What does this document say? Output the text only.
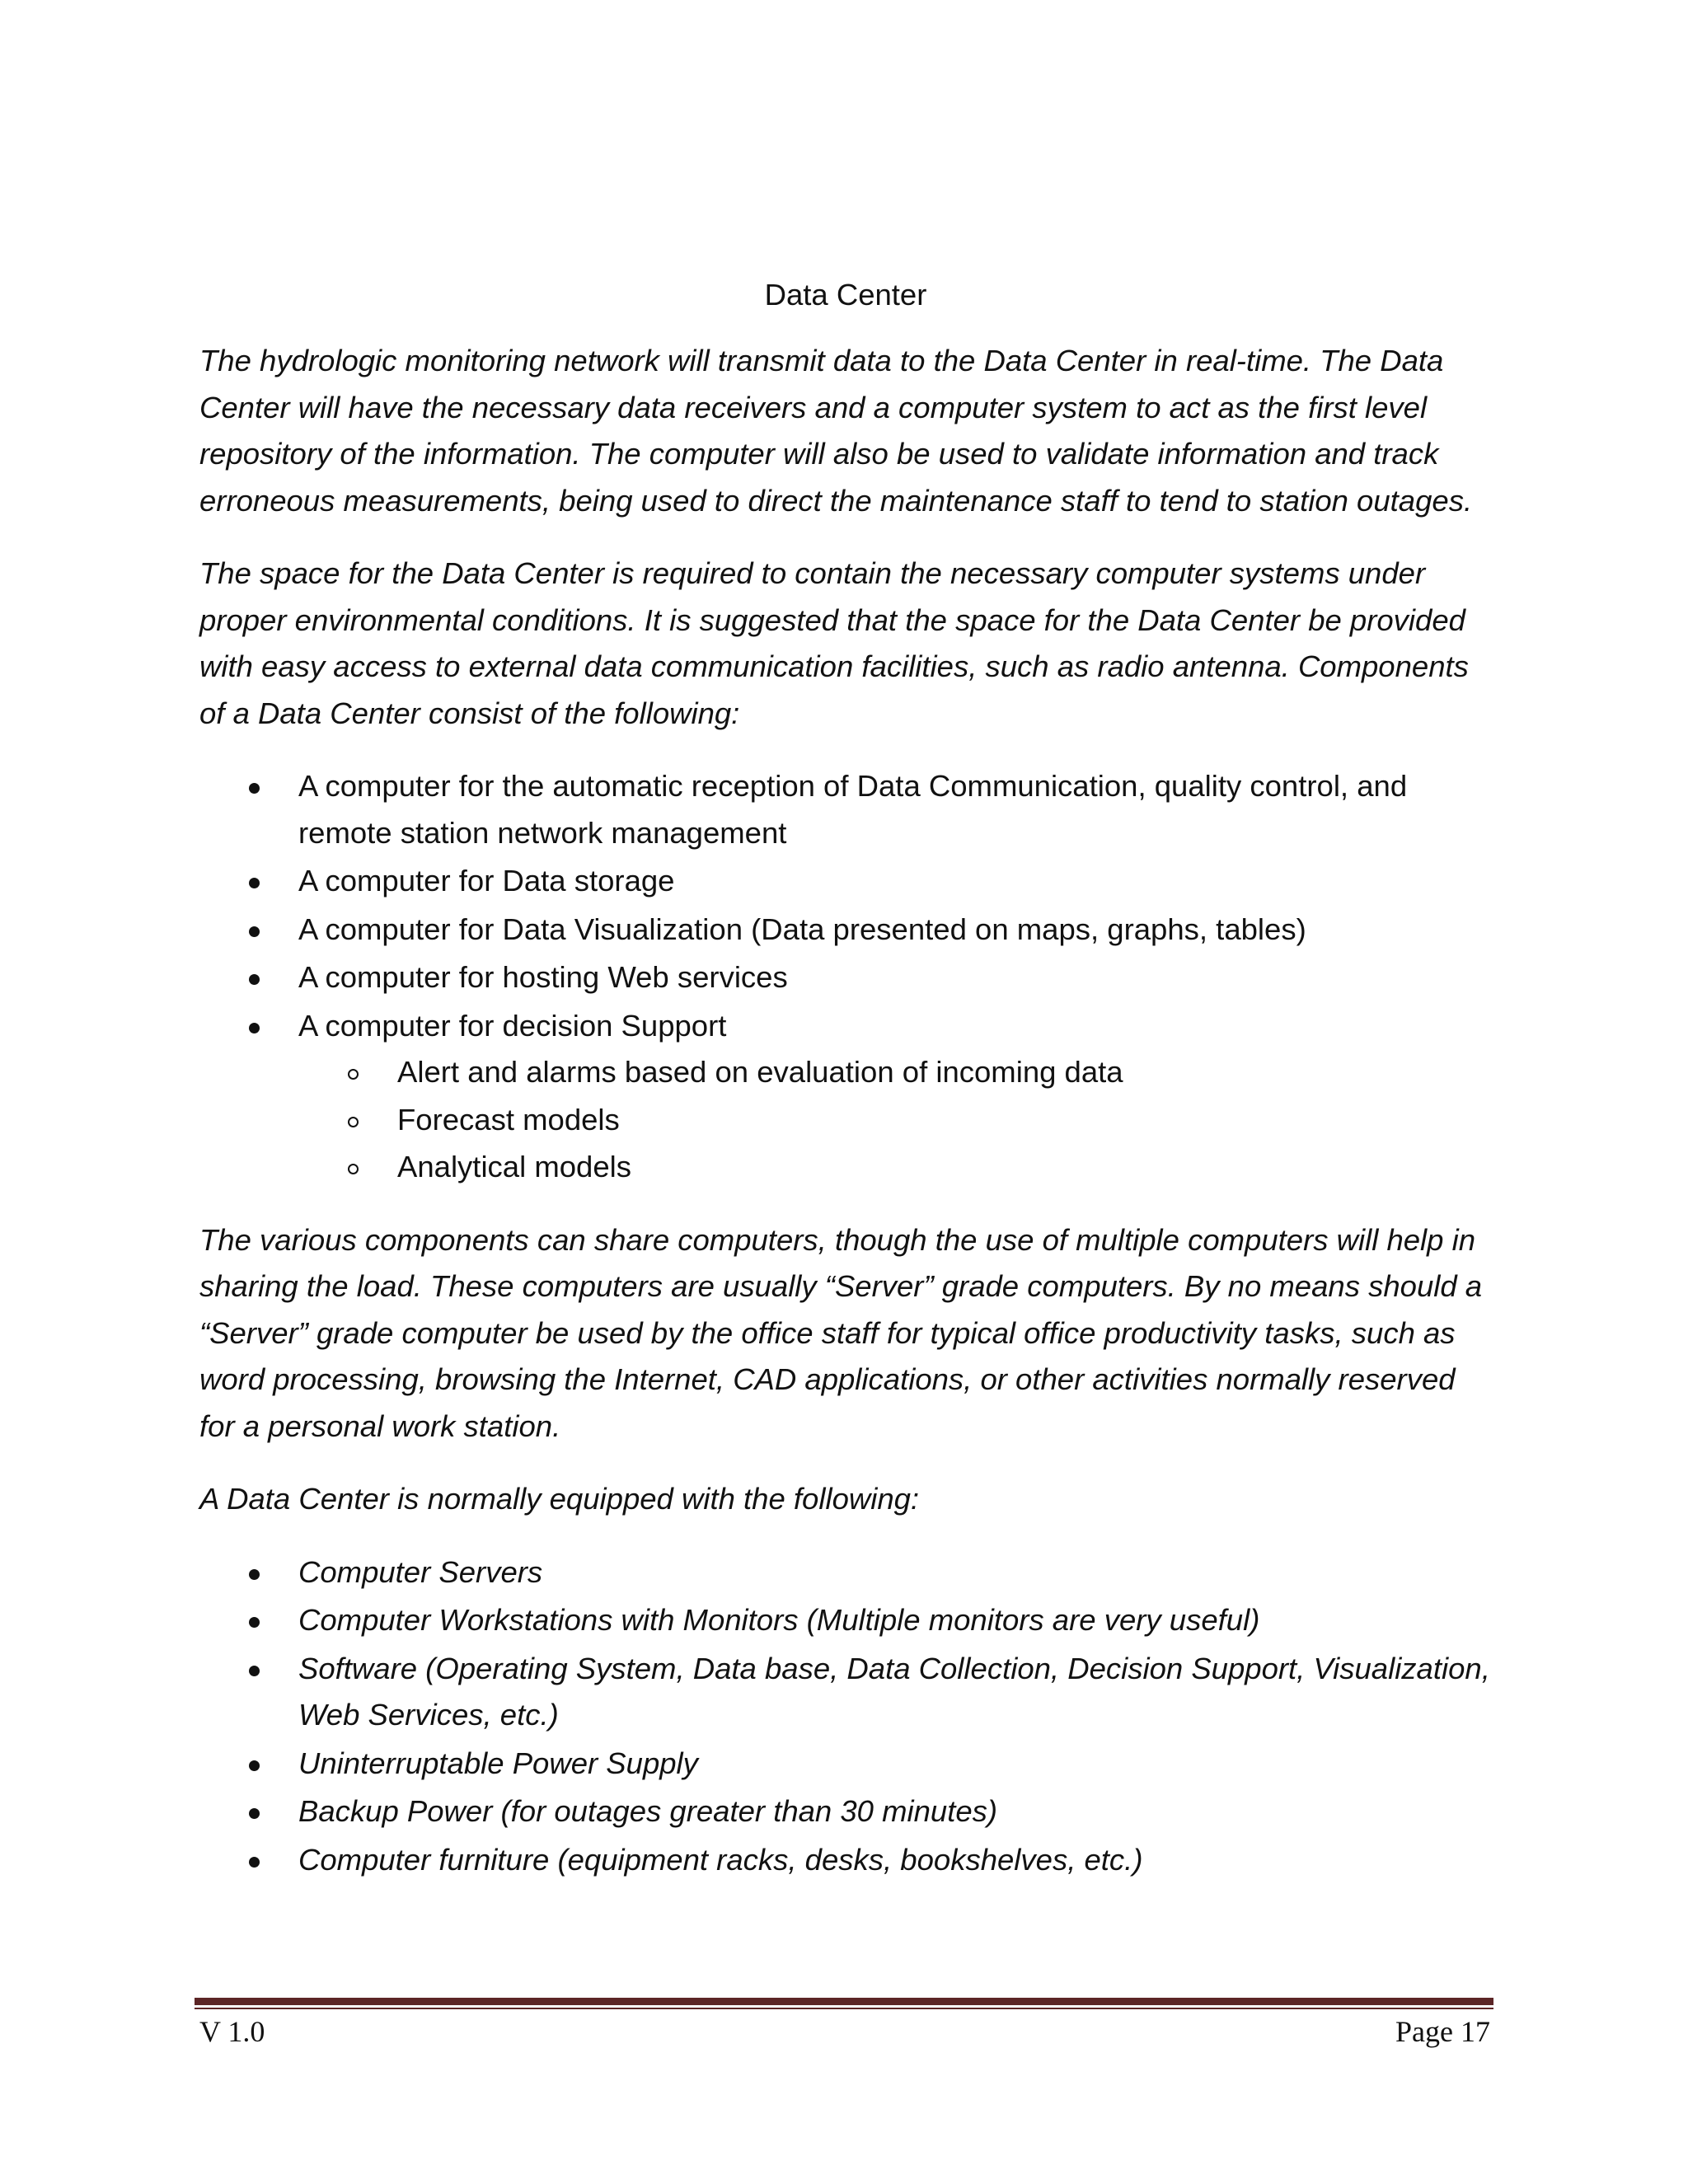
Data Center

The hydrologic monitoring network will transmit data to the Data Center in real-time. The Data Center will have the necessary data receivers and a computer system to act as the first level repository of the information. The computer will also be used to validate information and track erroneous measurements, being used to direct the maintenance staff to tend to station outages.

The space for the Data Center is required to contain the necessary computer systems under proper environmental conditions. It is suggested that the space for the Data Center be provided with easy access to external data communication facilities, such as radio antenna. Components of a Data Center consist of the following:

A computer for the automatic reception of Data Communication, quality control, and remote station network management
A computer for Data storage
A computer for Data Visualization (Data presented on maps, graphs, tables)
A computer for hosting Web services
A computer for decision Support
Alert and alarms based on evaluation of incoming data
Forecast models
Analytical models

The various components can share computers, though the use of multiple computers will help in sharing the load. These computers are usually “Server” grade computers. By no means should a “Server” grade computer be used by the office staff for typical office productivity tasks, such as word processing, browsing the Internet, CAD applications, or other activities normally reserved for a personal work station.

A Data Center is normally equipped with the following:

Computer Servers
Computer Workstations with Monitors (Multiple monitors are very useful)
Software (Operating System, Data base, Data Collection, Decision Support, Visualization, Web Services, etc.)
Uninterruptable Power Supply
Backup Power (for outages greater than 30 minutes)
Computer furniture (equipment racks, desks, bookshelves, etc.)
V 1.0	Page 17
